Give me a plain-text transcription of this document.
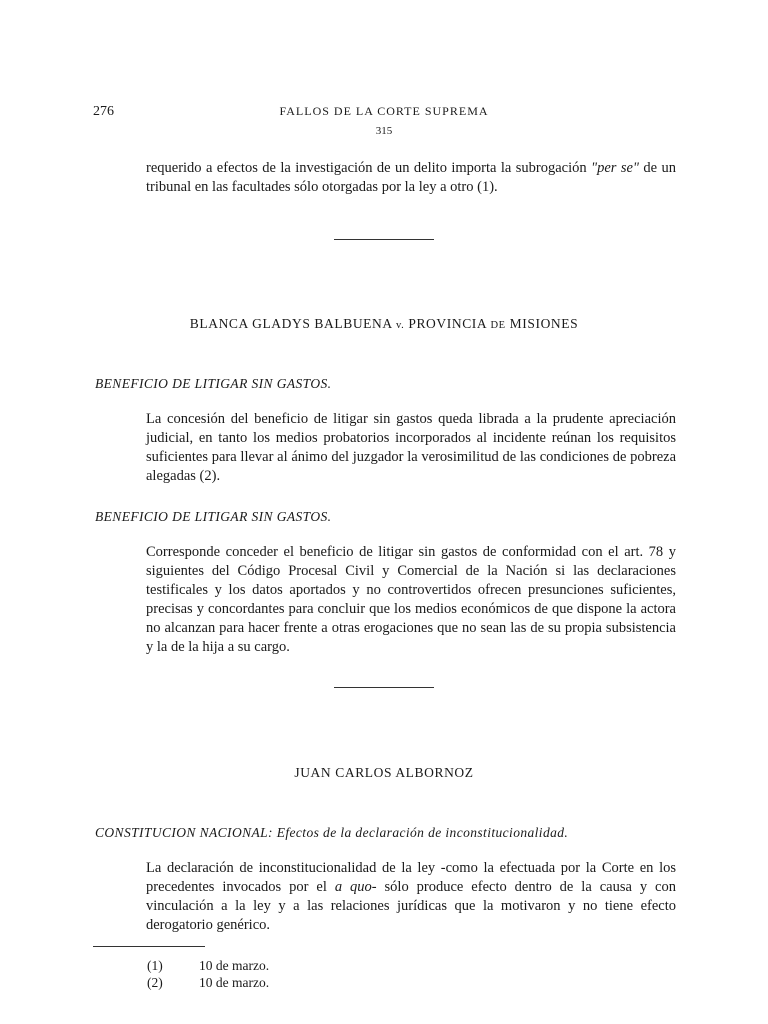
276	FALLOS DE LA CORTE SUPREMA
315
requerido a efectos de la investigación de un delito importa la subrogación "per se" de un tribunal en las facultades sólo otorgadas por la ley a otro (1).
BLANCA GLADYS BALBUENA v. PROVINCIA DE MISIONES
BENEFICIO DE LITIGAR SIN GASTOS.
La concesión del beneficio de litigar sin gastos queda librada a la prudente apreciación judicial, en tanto los medios probatorios incorporados al incidente reúnan los requisitos suficientes para llevar al ánimo del juzgador la verosimilitud de las condiciones de pobreza alegadas (2).
BENEFICIO DE LITIGAR SIN GASTOS.
Corresponde conceder el beneficio de litigar sin gastos de conformidad con el art. 78 y siguientes del Código Procesal Civil y Comercial de la Nación si las declaraciones testificales y los datos aportados y no controvertidos ofrecen presunciones suficientes, precisas y concordantes para concluir que los medios económicos de que dispone la actora no alcanzan para hacer frente a otras erogaciones que no sean las de su propia subsistencia y la de la hija a su cargo.
JUAN CARLOS ALBORNOZ
CONSTITUCION NACIONAL: Efectos de la declaración de inconstitucionalidad.
La declaración de inconstitucionalidad de la ley -como la efectuada por la Corte en los precedentes invocados por el a quo- sólo produce efecto dentro de la causa y con vinculación a la ley y a las relaciones jurídicas que la motivaron y no tiene efecto derogatorio genérico.
(1)	10 de marzo.
(2)	10 de marzo.
